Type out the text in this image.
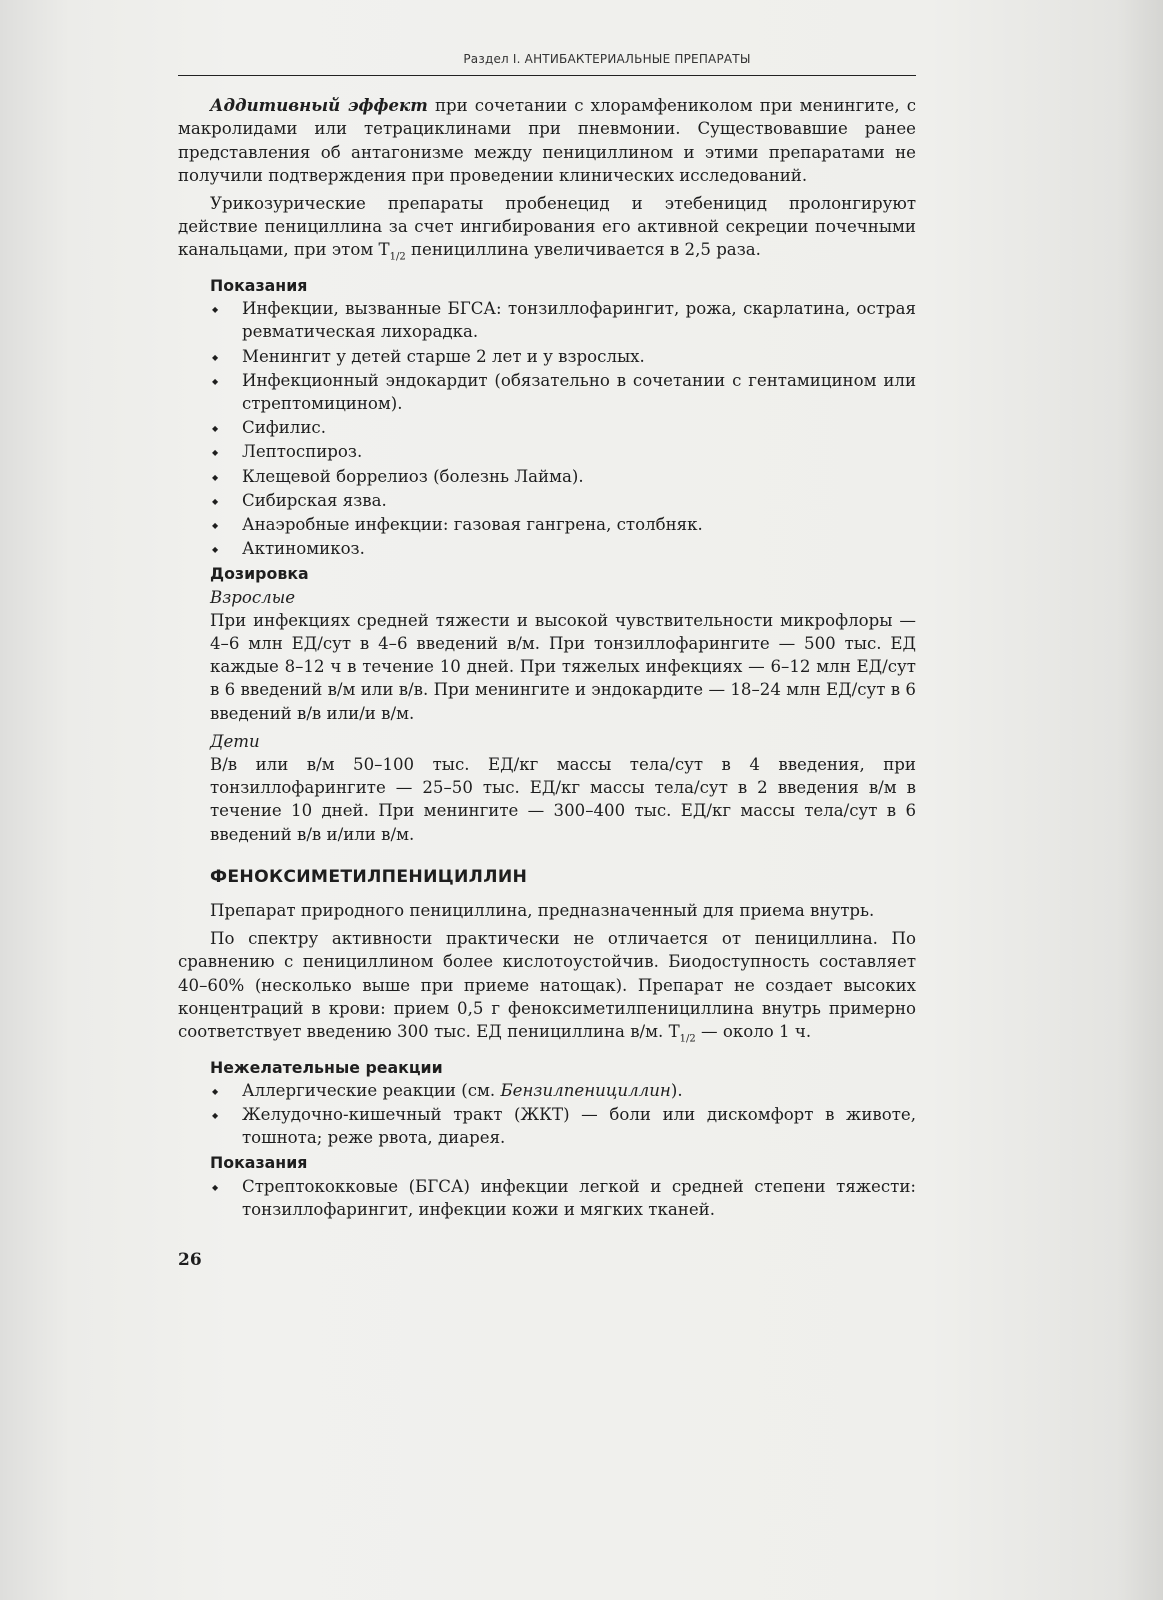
Раздел I. АНТИБАКТЕРИАЛЬНЫЕ ПРЕПАРАТЫ

Аддитивный эффект при сочетании с хлорамфениколом при менингите, с макролидами или тетрациклинами при пневмонии. Существовавшие ранее представления об антагонизме между пенициллином и этими препаратами не получили подтверждения при проведении клинических исследований.

Урикозурические препараты пробенецид и этебеницид пролонгируют действие пенициллина за счет ингибирования его активной секреции почечными канальцами, при этом $T_{1/2}$ пенициллина увеличивается в 2,5 раза.

Показания
◆ Инфекции, вызванные БГСА: тонзиллофарингит, рожа, скарлатина, острая ревматическая лихорадка.
◆ Менингит у детей старше 2 лет и у взрослых.
◆ Инфекционный эндокардит (обязательно в сочетании с гентамицином или стрептомицином).
◆ Сифилис.
◆ Лептоспироз.
◆ Клещевой боррелиоз (болезнь Лайма).
◆ Сибирская язва.
◆ Анаэробные инфекции: газовая гангрена, столбняк.
◆ Актиномикоз.
Дозировка
Взрослые
При инфекциях средней тяжести и высокой чувствительности микрофлоры — 4–6 млн ЕД/сут в 4–6 введений в/м. При тонзиллофарингите — 500 тыс. ЕД каждые 8–12 ч в течение 10 дней. При тяжелых инфекциях — 6–12 млн ЕД/сут в 6 введений в/м или в/в. При менингите и эндокардите — 18–24 млн ЕД/сут в 6 введений в/в или/и в/м.
Дети
В/в или в/м 50–100 тыс. ЕД/кг массы тела/сут в 4 введения, при тонзиллофарингите — 25–50 тыс. ЕД/кг массы тела/сут в 2 введения в/м в течение 10 дней. При менингите — 300–400 тыс. ЕД/кг массы тела/сут в 6 введений в/в и/или в/м.
ФЕНОКСИМЕТИЛПЕНИЦИЛЛИН

Препарат природного пенициллина, предназначенный для приема внутрь.

По спектру активности практически не отличается от пенициллина. По сравнению с пенициллином более кислотоустойчив. Биодоступность составляет 40–60% (несколько выше при приеме натощак). Препарат не создает высоких концентраций в крови: прием 0,5 г феноксиметилпенициллина внутрь примерно соответствует введению 300 тыс. ЕД пенициллина в/м. $T_{1/2}$ — около 1 ч.

Нежелательные реакции
◆ Аллергические реакции (см. Бензилпенициллин).
◆ Желудочно-кишечный тракт (ЖКТ) — боли или дискомфорт в животе, тошнота; реже рвота, диарея.
Показания
◆ Стрептококковые (БГСА) инфекции легкой и средней степени тяжести: тонзиллофарингит, инфекции кожи и мягких тканей.
26
